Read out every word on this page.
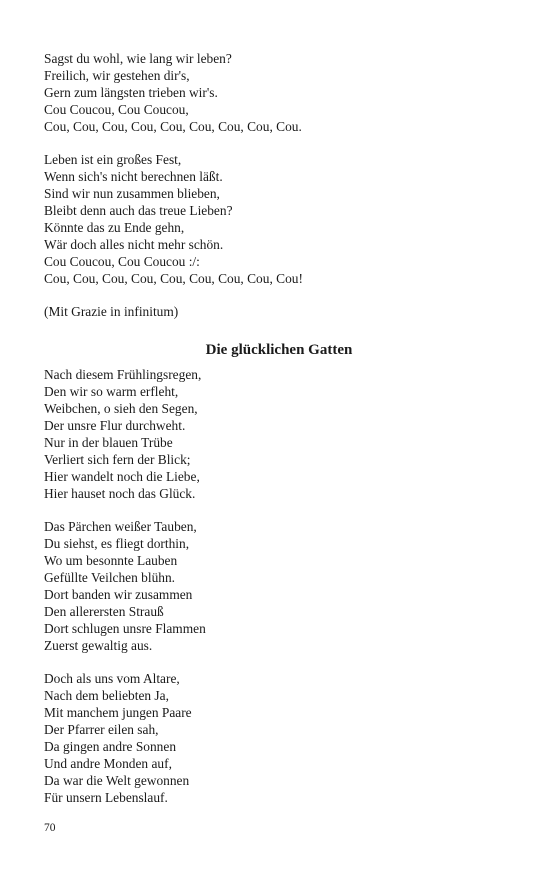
Sagst du wohl, wie lang wir leben?
Freilich, wir gestehen dir's,
Gern zum längsten trieben wir's.
Cou Coucou, Cou Coucou,
Cou, Cou, Cou, Cou, Cou, Cou, Cou, Cou, Cou.
Leben ist ein großes Fest,
Wenn sich's nicht berechnen läßt.
Sind wir nun zusammen blieben,
Bleibt denn auch das treue Lieben?
Könnte das zu Ende gehn,
Wär doch alles nicht mehr schön.
Cou Coucou, Cou Coucou :/:
Cou, Cou, Cou, Cou, Cou, Cou, Cou, Cou, Cou!
(Mit Grazie in infinitum)
Die glücklichen Gatten
Nach diesem Frühlingsregen,
Den wir so warm erfleht,
Weibchen, o sieh den Segen,
Der unsre Flur durchweht.
Nur in der blauen Trübe
Verliert sich fern der Blick;
Hier wandelt noch die Liebe,
Hier hauset noch das Glück.
Das Pärchen weißer Tauben,
Du siehst, es fliegt dorthin,
Wo um besonnte Lauben
Gefüllte Veilchen blühn.
Dort banden wir zusammen
Den allerersten Strauß
Dort schlugen unsre Flammen
Zuerst gewaltig aus.
Doch als uns vom Altare,
Nach dem beliebten Ja,
Mit manchem jungen Paare
Der Pfarrer eilen sah,
Da gingen andre Sonnen
Und andre Monden auf,
Da war die Welt gewonnen
Für unsern Lebenslauf.
70
